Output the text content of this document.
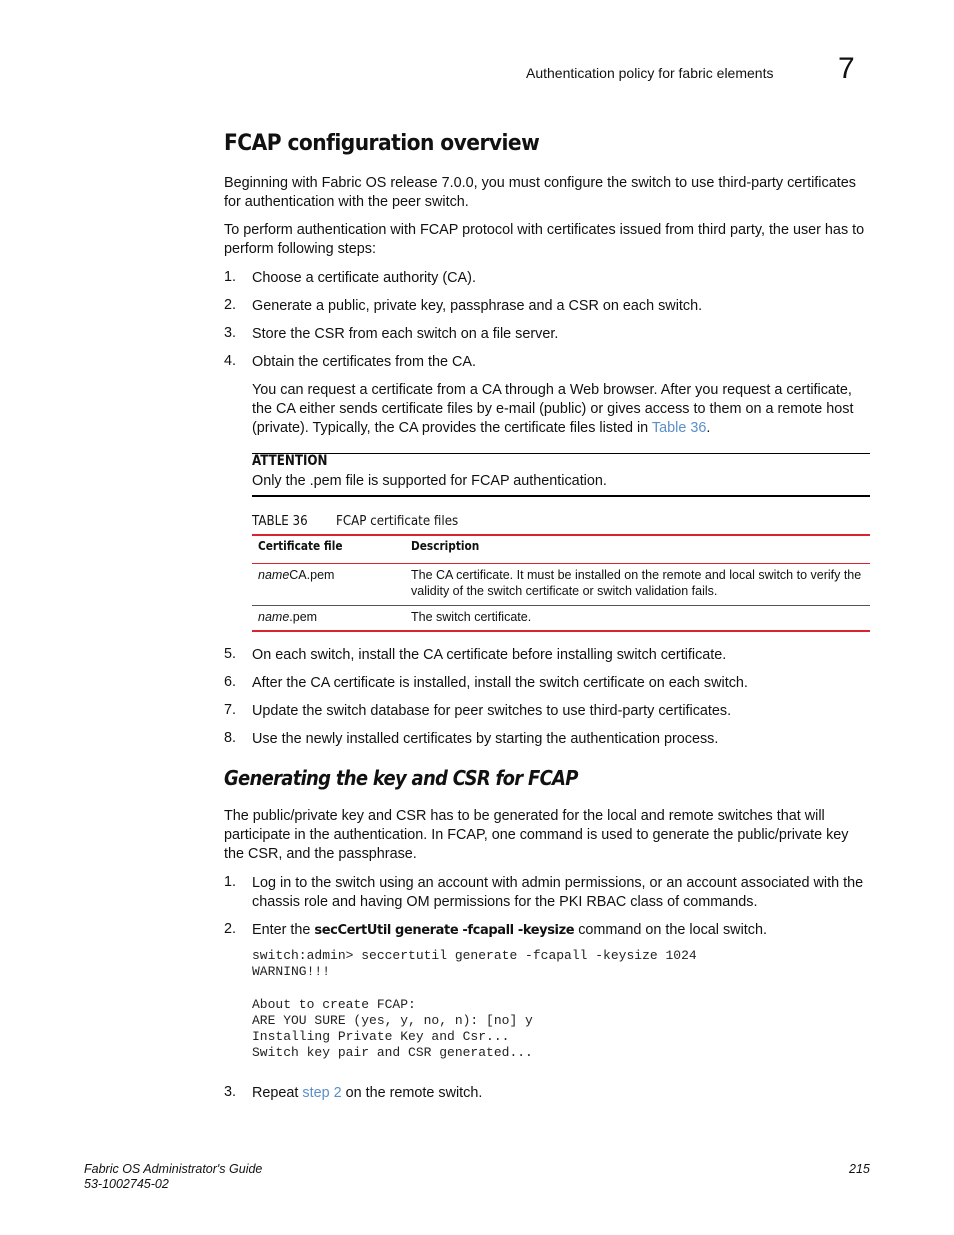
Authentication policy for fabric elements 7
FCAP configuration overview

Beginning with Fabric OS release 7.0.0, you must configure the switch to use third-party certificates for authentication with the peer switch.

To perform authentication with FCAP protocol with certificates issued from third party, the user has to perform following steps:

1. Choose a certificate authority (CA).
2. Generate a public, private key, passphrase and a CSR on each switch.
3. Store the CSR from each switch on a file server.
4. Obtain the certificates from the CA.
You can request a certificate from a CA through a Web browser. After you request a certificate, the CA either sends certificate files by e-mail (public) or gives access to them on a remote host (private). Typically, the CA provides the certificate files listed in Table 36.
ATTENTION
Only the .pem file is supported for FCAP authentication.
TABLE 36 FCAP certificate files
Certificate file	Description
nameCA.pem	The CA certificate. It must be installed on the remote and local switch to verify the validity of the switch certificate or switch validation fails.
name.pem	The switch certificate.
5. On each switch, install the CA certificate before installing switch certificate.
6. After the CA certificate is installed, install the switch certificate on each switch.
7. Update the switch database for peer switches to use third-party certificates.
8. Use the newly installed certificates by starting the authentication process.
Generating the key and CSR for FCAP

The public/private key and CSR has to be generated for the local and remote switches that will participate in the authentication. In FCAP, one command is used to generate the public/private key the CSR, and the passphrase.

1. Log in to the switch using an account with admin permissions, or an account associated with the chassis role and having OM permissions for the PKI RBAC class of commands.
2. Enter the secCertUtil generate -fcapall -keysize command on the local switch.
switch:admin> seccertutil generate -fcapall -keysize 1024
WARNING!!!

About to create FCAP:
ARE YOU SURE (yes, y, no, n): [no] y
Installing Private Key and Csr...
Switch key pair and CSR generated...
3. Repeat step 2 on the remote switch.
Fabric OS Administrator's Guide
53-1002745-02
215
